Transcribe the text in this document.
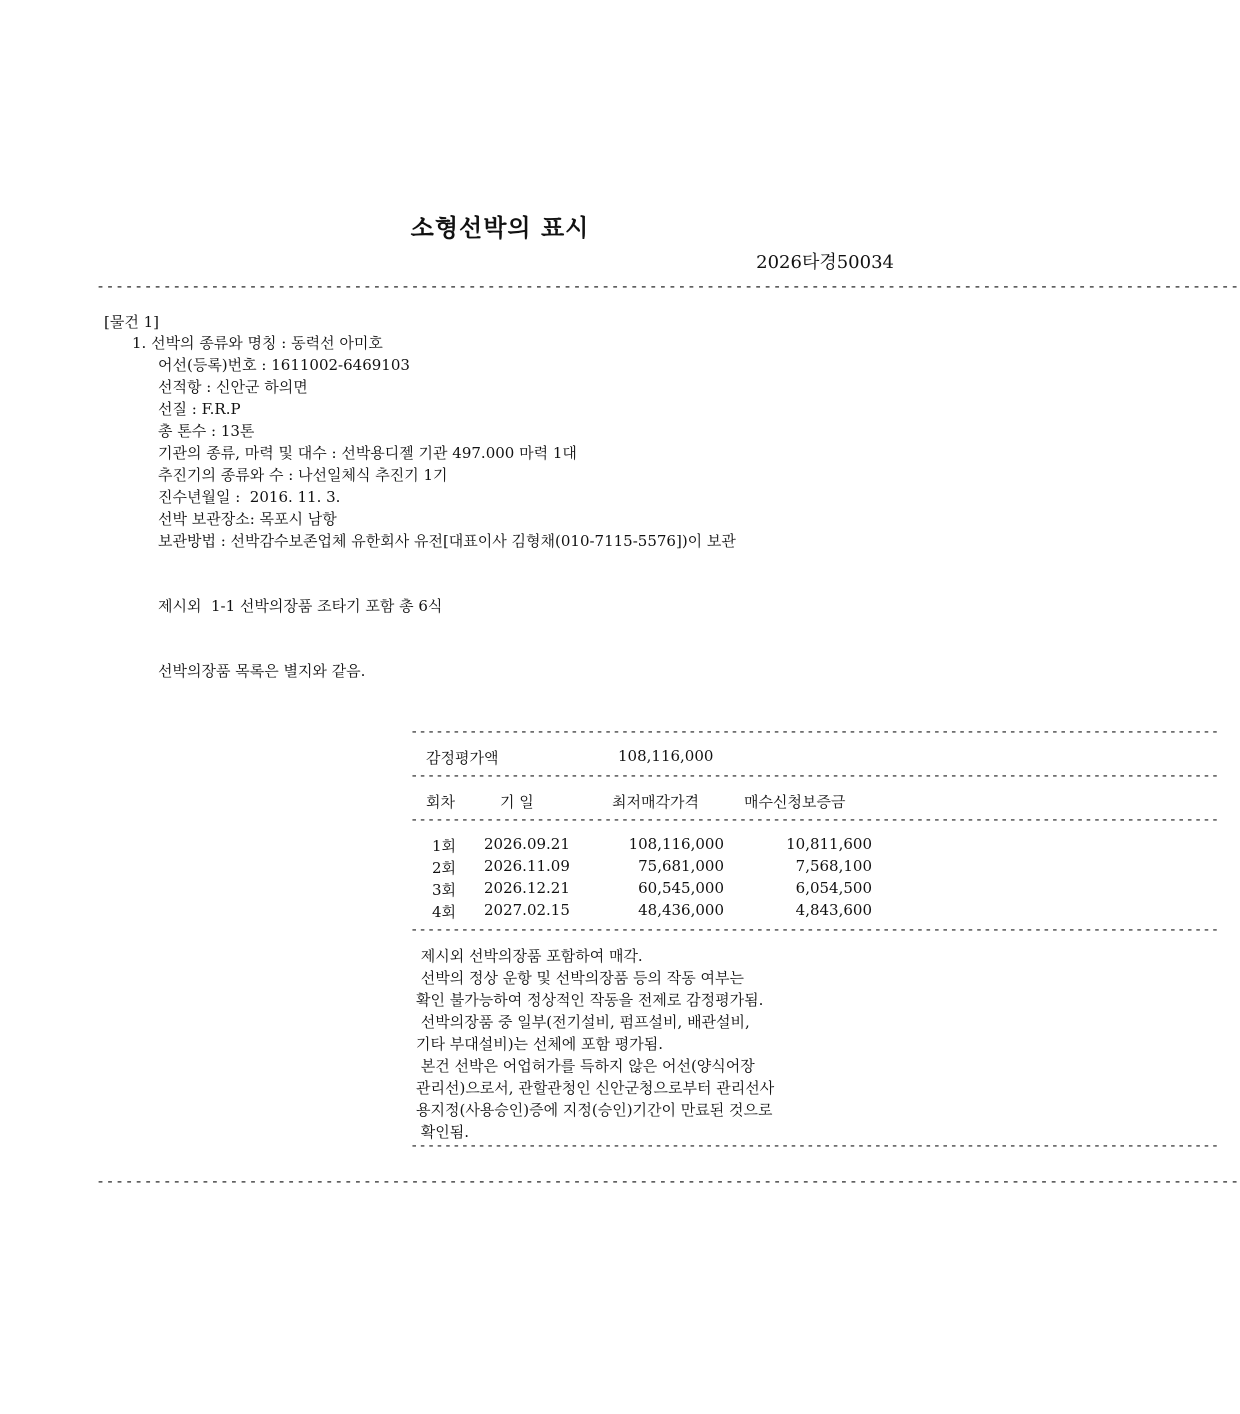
소형선박의 표시
2026타경50034
------------------------------------------------------------------------------------------------------------------------
[물건 1]
1. 선박의 종류와 명칭 : 동력선 아미호
어선(등록)번호 : 1611002-6469103
선적항 : 신안군 하의면
선질 : F.R.P
총 톤수 : 13톤
기관의 종류, 마력 및 대수 : 선박용디젤 기관 497.000 마력 1대
추진기의 종류와 수 : 나선일체식 추진기 1기
진수년월일 :  2016. 11. 3.
선박 보관장소: 목포시 남항
보관방법 : 선박감수보존업체 유한회사 유전[대표이사 김형채(010-7115-5576])이 보관
제시외  1-1 선박의장품 조타기 포함 총 6식
선박의장품 목록은 별지와 같음.
------------------------------------------------------------------------------------------------
감정평가액	108,116,000
------------------------------------------------------------------------------------------------
회차	기 일	최저매각가격	매수신청보증금
------------------------------------------------------------------------------------------------
1회 2026.09.21	108,116,000	10,811,600
2회 2026.11.09	75,681,000	7,568,100
3회 2026.12.21	60,545,000	6,054,500
4회 2027.02.15	48,436,000	4,843,600
------------------------------------------------------------------------------------------------
제시외 선박의장품 포함하여 매각.
선박의 정상 운항 및 선박의장품 등의 작동 여부는
확인 불가능하여 정상적인 작동을 전제로 감정평가됨.
선박의장품 중 일부(전기설비, 펌프설비, 배관설비,
기타 부대설비)는 선체에 포함 평가됨.
본건 선박은 어업허가를 득하지 않은 어선(양식어장
관리선)으로서, 관할관청인 신안군청으로부터 관리선사
용지정(사용승인)증에 지정(승인)기간이 만료된 것으로
확인됨.
------------------------------------------------------------------------------------------------
------------------------------------------------------------------------------------------------------------------------
